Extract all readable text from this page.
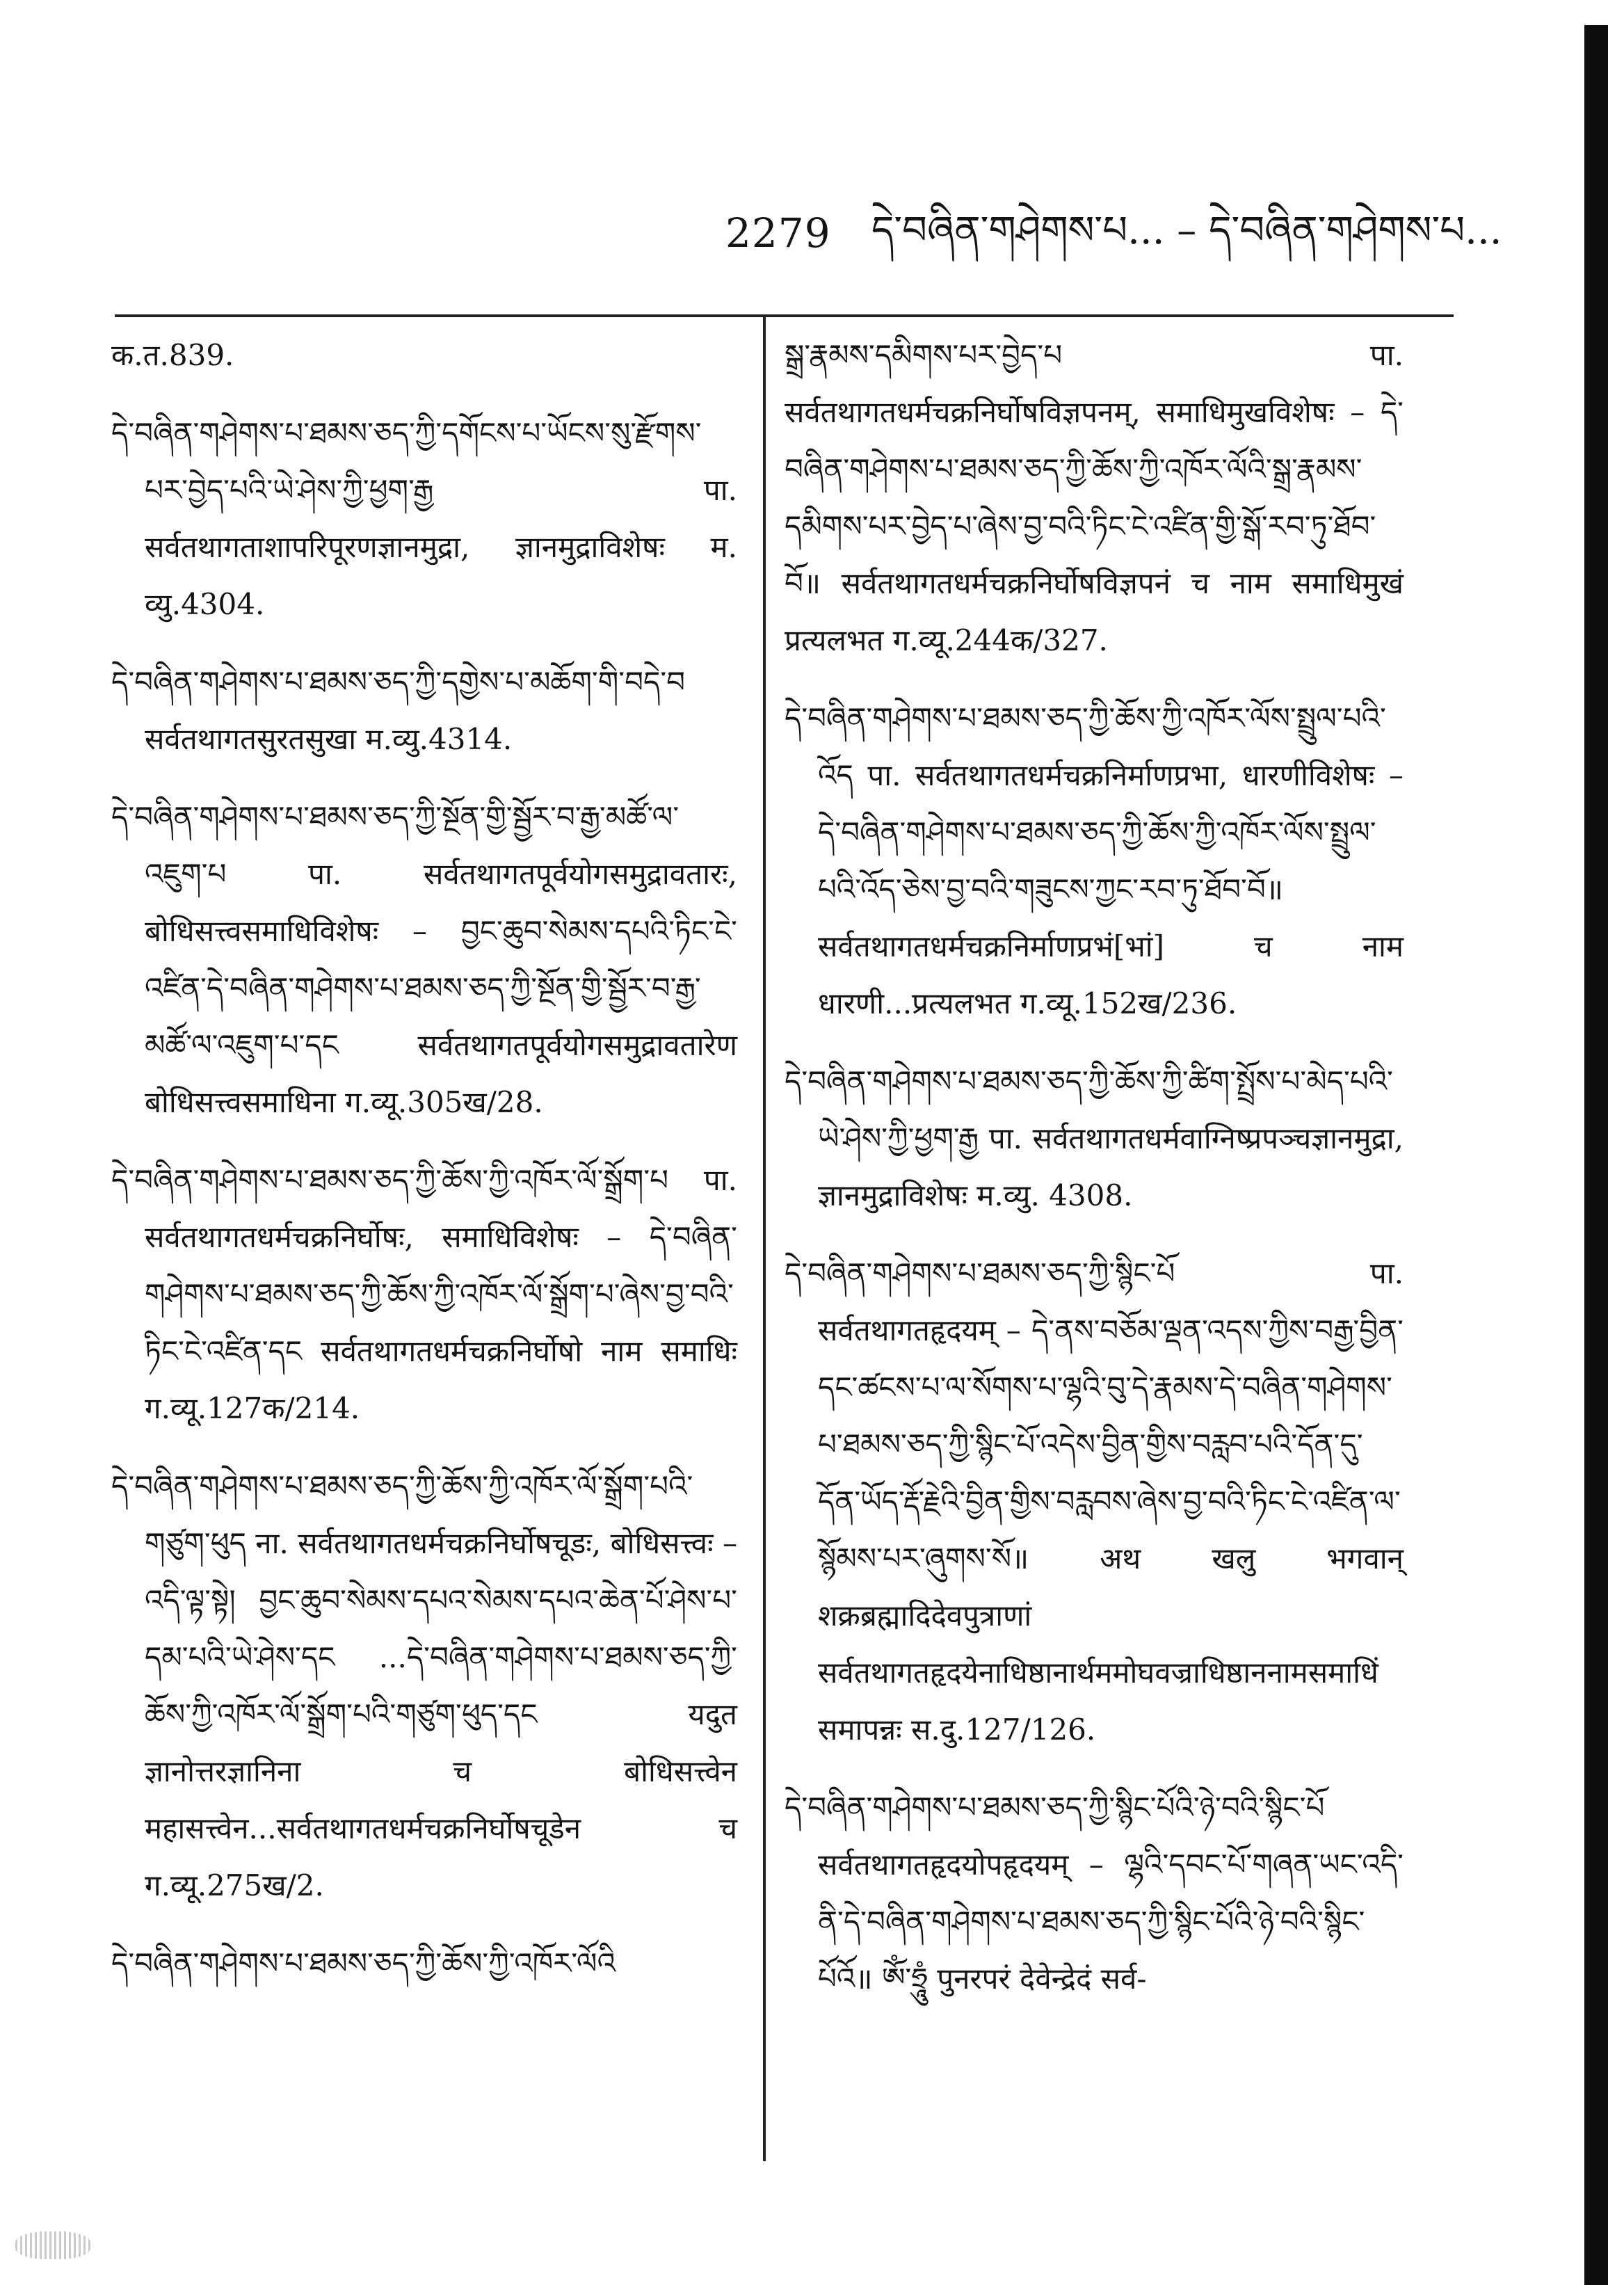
2279 དེ་བཞིན་གཤེགས་པ... – དེ་བཞིན་གཤེགས་པ...

क.त.839.

དེ་བཞིན་གཤེགས་པ་ཐམས་ཅད་ཀྱི་དགོངས་པ་ཡོངས་སུ་རྫོགས་པར་བྱེད་པའི་ཡེ་ཤེས་ཀྱི་ཕྱག་རྒྱ पा. सर्वतथागताशापरिपूरणज्ञानमुद्रा, ज्ञानमुद्राविशेषः म. व्यु.4304.

དེ་བཞིན་གཤེགས་པ་ཐམས་ཅད་ཀྱི་དགྱེས་པ་མཆོག་གི་བདེ་བ सर्वतथागतसुरतसुखा म.व्यु.4314.

དེ་བཞིན་གཤེགས་པ་ཐམས་ཅད་ཀྱི་སྔོན་གྱི་སྦྱོར་བ་རྒྱ་མཚོ་ལ་འཇུག་པ पा. सर्वतथागतपूर्वयोगसमुद्रावतारः, बोधिसत्त्वसमाधिविशेषः – བྱང་ཆུབ་སེམས་དཔའི་ཏིང་ངེ་འཛིན་དེ་བཞིན་གཤེགས་པ་ཐམས་ཅད་ཀྱི་སྔོན་གྱི་སྦྱོར་བ་རྒྱ་མཚོ་ལ་འཇུག་པ་དང सर्वतथागतपूर्वयोगसमुद्रावतारेण बोधिसत्त्वसमाधिना ग.व्यू.305ख/28.

དེ་བཞིན་གཤེགས་པ་ཐམས་ཅད་ཀྱི་ཆོས་ཀྱི་འཁོར་ལོ་སྒྲོག་པ पा. सर्वतथागतधर्मचक्रनिर्घोषः, समाधिविशेषः – དེ་བཞིན་གཤེགས་པ་ཐམས་ཅད་ཀྱི་ཆོས་ཀྱི་འཁོར་ལོ་སྒྲོག་པ་ཞེས་བྱ་བའི་ཏིང་ངེ་འཛིན་དང सर्वतथागतधर्मचक्रनिर्घोषो नाम समाधिः ग.व्यू.127क/214.

དེ་བཞིན་གཤེགས་པ་ཐམས་ཅད་ཀྱི་ཆོས་ཀྱི་འཁོར་ལོ་སྒྲོག་པའི་གཙུག་ཕུད ना. सर्वतथागतधर्मचक्रनिर्घोषचूडः, बोधिसत्त्वः – འདི་ལྟ་སྟེ། བྱང་ཆུབ་སེམས་དཔའ་སེམས་དཔའ་ཆེན་པོ་ཤེས་པ་དམ་པའི་ཡེ་ཤེས་དང ...དེ་བཞིན་གཤེགས་པ་ཐམས་ཅད་ཀྱི་ཆོས་ཀྱི་འཁོར་ལོ་སྒྲོག་པའི་གཙུག་ཕུད་དང यदुत ज्ञानोत्तरज्ञानिना च बोधिसत्त्वेन महासत्त्वेन...सर्वतथागतधर्मचक्रनिर्घोषचूडेन च ग.व्यू.275ख/2.

དེ་བཞིན་གཤེགས་པ་ཐམས་ཅད་ཀྱི་ཆོས་ཀྱི་འཁོར་ལོའི

སྒྲ་རྣམས་དམིགས་པར་བྱེད་པ पा. सर्वतथागतधर्मचक्रनिर्घोषविज्ञपनम्, समाधिमुखविशेषः – དེ་བཞིན་གཤེགས་པ་ཐམས་ཅད་ཀྱི་ཆོས་ཀྱི་འཁོར་ལོའི་སྒྲ་རྣམས་དམིགས་པར་བྱེད་པ་ཞེས་བྱ་བའི་ཏིང་ངེ་འཛིན་གྱི་སྒོ་རབ་ཏུ་ཐོབ་བོ॥ सर्वतथागतधर्मचक्रनिर्घोषविज्ञपनं च नाम समाधिमुखं प्रत्यलभत ग.व्यू.244क/327.

དེ་བཞིན་གཤེགས་པ་ཐམས་ཅད་ཀྱི་ཆོས་ཀྱི་འཁོར་ལོས་སྤྲུལ་པའི་འོད पा. सर्वतथागतधर्मचक्रनिर्माणप्रभा, धारणीविशेषः – དེ་བཞིན་གཤེགས་པ་ཐམས་ཅད་ཀྱི་ཆོས་ཀྱི་འཁོར་ལོས་སྤྲུལ་པའི་འོད་ཅེས་བྱ་བའི་གཟུངས་ཀྱང་རབ་ཏུ་ཐོབ་བོ॥ सर्वतथागतधर्मचक्रनिर्माणप्रभं[भां] च नाम धारणी...प्रत्यलभत ग.व्यू.152ख/236.

དེ་བཞིན་གཤེགས་པ་ཐམས་ཅད་ཀྱི་ཆོས་ཀྱི་ཚིག་སྤྲོས་པ་མེད་པའི་ཡེ་ཤེས་ཀྱི་ཕྱག་རྒྱ पा. सर्वतथागतधर्मवाग्निष्प्रपञ्चज्ञानमुद्रा, ज्ञानमुद्राविशेषः म.व्यु. 4308.

དེ་བཞིན་གཤེགས་པ་ཐམས་ཅད་ཀྱི་སྙིང་པོ पा. सर्वतथागतहृदयम् – དེ་ནས་བཅོམ་ལྡན་འདས་ཀྱིས་བརྒྱ་བྱིན་དང་ཚངས་པ་ལ་སོགས་པ་ལྷའི་བུ་དེ་རྣམས་དེ་བཞིན་གཤེགས་པ་ཐམས་ཅད་ཀྱི་སྙིང་པོ་འདེས་བྱིན་གྱིས་བརླབ་པའི་དོན་དུ་དོན་ཡོད་རྡོ་རྗེའི་བྱིན་གྱིས་བརླབས་ཞེས་བྱ་བའི་ཏིང་ངེ་འཛིན་ལ་སྙོམས་པར་ཞུགས་སོ॥ अथ खलु भगवान् शक्रब्रह्मादिदेवपुत्राणां सर्वतथागतहृदयेनाधिष्ठानार्थममोघवज्राधिष्ठाननामसमाधिं समापन्नः स.दु.127/126.

དེ་བཞིན་གཤེགས་པ་ཐམས་ཅད་ཀྱི་སྙིང་པོའི་ཉེ་བའི་སྙིང་པོ सर्वतथागतहृदयोपहृदयम् – ལྷའི་དབང་པོ་གཞན་ཡང་འདི་ནི་དེ་བཞིན་གཤེགས་པ་ཐམས་ཅད་ཀྱི་སྙིང་པོའི་ཉེ་བའི་སྙིང་པོའོ॥ ཨོཾ་ཧྲཱུཾ पुनरपरं देवेन्द्रेदं सर्व-
